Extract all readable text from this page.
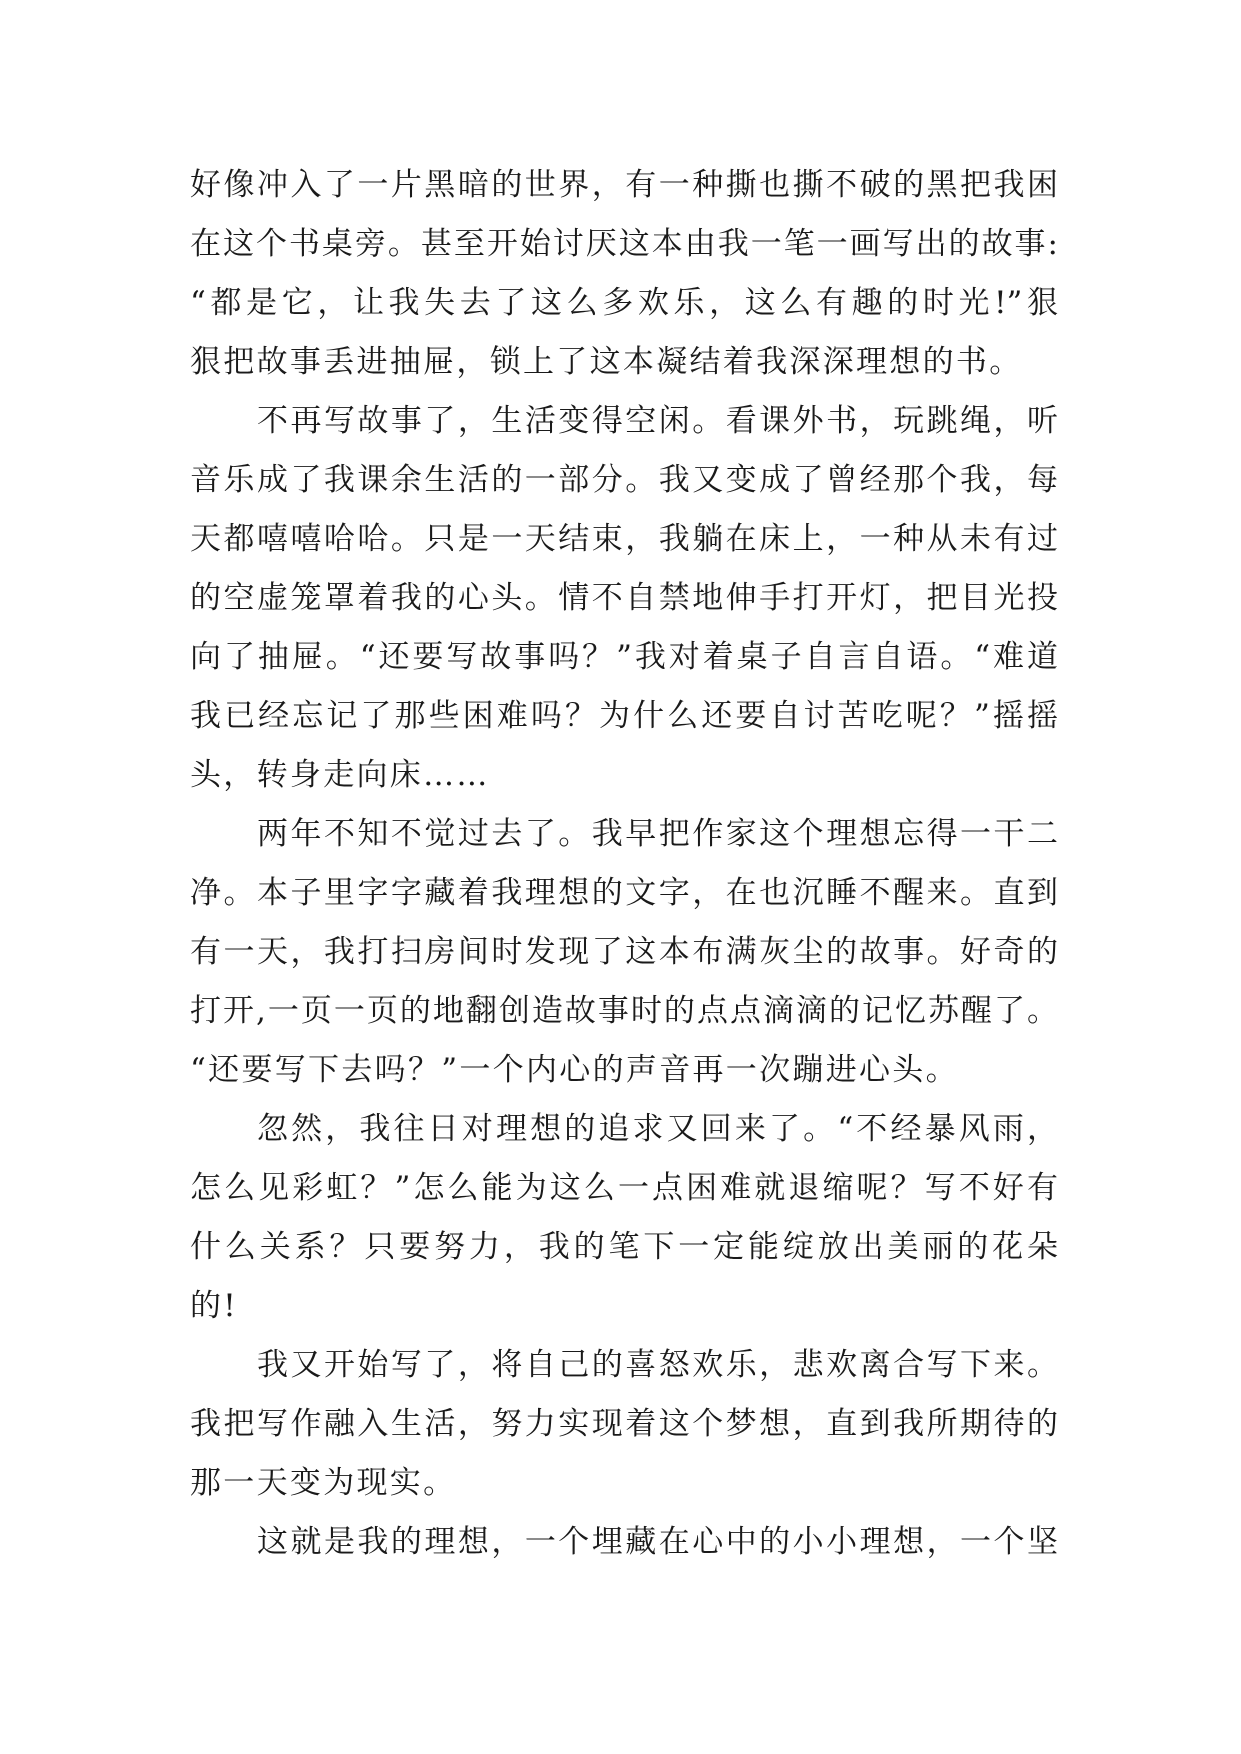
好像冲入了一片黑暗的世界，有一种撕也撕不破的黑把我困
在这个书桌旁。甚至开始讨厌这本由我一笔一画写出的故事:
“都是它，让我失去了这么多欢乐，这么有趣的时光!”狠
狠把故事丢进抽屉，锁上了这本凝结着我深深理想的书。
不再写故事了，生活变得空闲。看课外书，玩跳绳，听
音乐成了我课余生活的一部分。我又变成了曾经那个我，每
天都嘻嘻哈哈。只是一天结束，我躺在床上，一种从未有过
的空虚笼罩着我的心头。情不自禁地伸手打开灯，把目光投
向了抽屉。“还要写故事吗？”我对着桌子自言自语。“难道
我已经忘记了那些困难吗？为什么还要自讨苦吃呢？”摇摇
头，转身走向床……
两年不知不觉过去了。我早把作家这个理想忘得一干二
净。本子里字字藏着我理想的文字，在也沉睡不醒来。直到
有一天，我打扫房间时发现了这本布满灰尘的故事。好奇的
打开,一页一页的地翻创造故事时的点点滴滴的记忆苏醒了。
“还要写下去吗？”一个内心的声音再一次蹦进心头。
忽然，我往日对理想的追求又回来了。“不经暴风雨，
怎么见彩虹？”怎么能为这么一点困难就退缩呢？写不好有
什么关系？只要努力，我的笔下一定能绽放出美丽的花朵
的!
我又开始写了，将自己的喜怒欢乐，悲欢离合写下来。
我把写作融入生活，努力实现着这个梦想，直到我所期待的
那一天变为现实。
这就是我的理想，一个埋藏在心中的小小理想，一个坚
